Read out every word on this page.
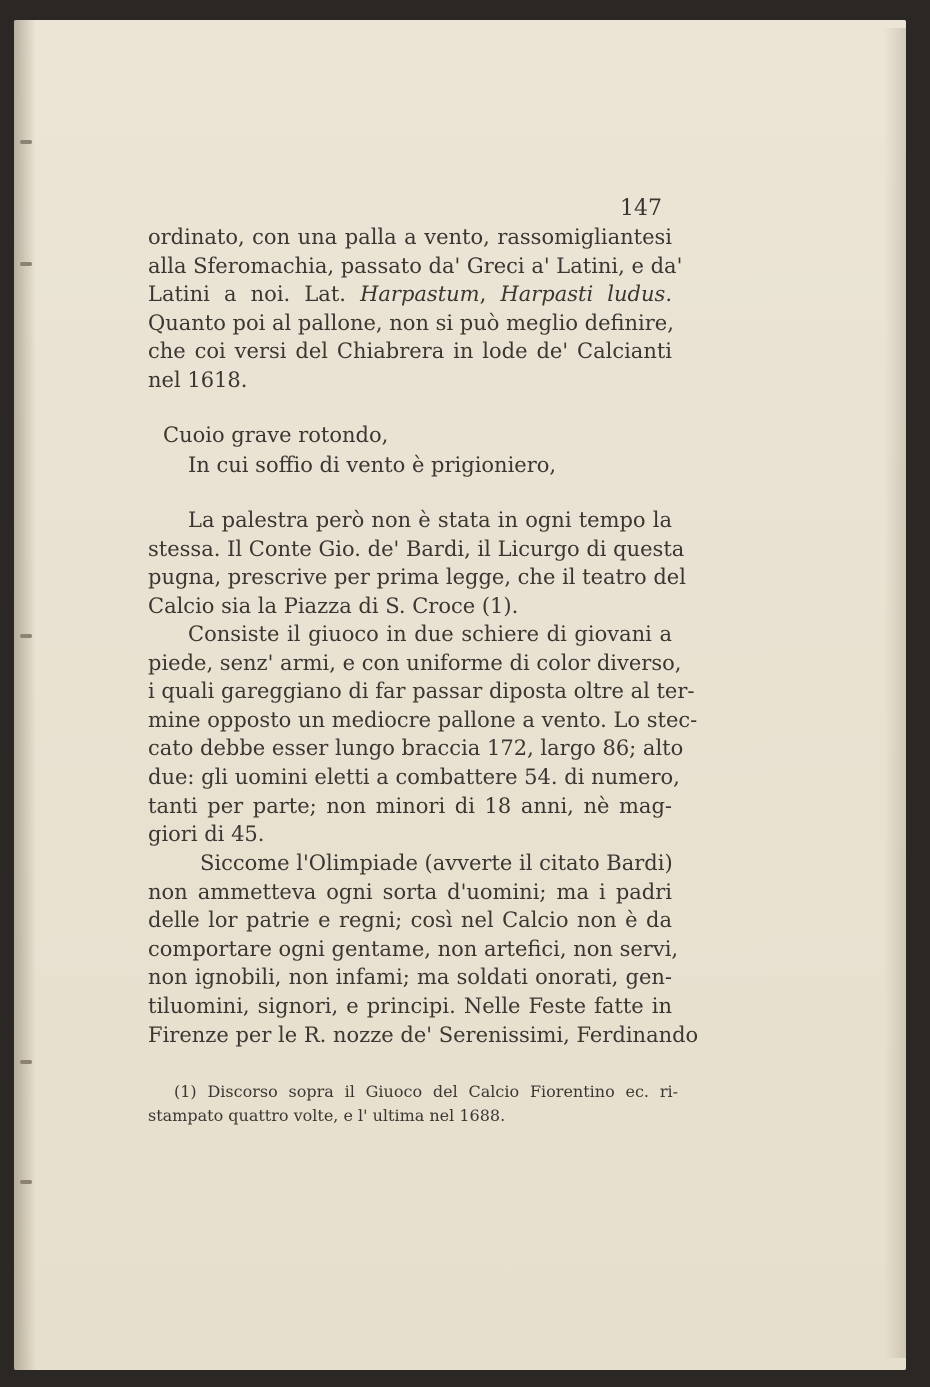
147
ordinato, con una palla a vento, rassomigliantesi
alla Sferomachia, passato da' Greci a' Latini, e da'
Latini a noi. Lat. Harpastum, Harpasti ludus.
Quanto poi al pallone, non si può meglio definire,
che coi versi del Chiabrera in lode de' Calcianti
nel 1618.
Cuoio grave rotondo,
In cui soffio di vento è prigioniero,
La palestra però non è stata in ogni tempo la
stessa. Il Conte Gio. de' Bardi, il Licurgo di questa
pugna, prescrive per prima legge, che il teatro del
Calcio sia la Piazza di S. Croce (1).
Consiste il giuoco in due schiere di giovani a
piede, senz' armi, e con uniforme di color diverso,
i quali gareggiano di far passar diposta oltre al ter-
mine opposto un mediocre pallone a vento. Lo stec-
cato debbe esser lungo braccia 172, largo 86; alto
due: gli uomini eletti a combattere 54. di numero,
tanti per parte; non minori di 18 anni, nè mag-
giori di 45.
Siccome l'Olimpiade (avverte il citato Bardi)
non ammetteva ogni sorta d'uomini; ma i padri
delle lor patrie e regni; così nel Calcio non è da
comportare ogni gentame, non artefici, non servi,
non ignobili, non infami; ma soldati onorati, gen-
tiluomini, signori, e principi. Nelle Feste fatte in
Firenze per le R. nozze de' Serenissimi, Ferdinando
(1) Discorso sopra il Giuoco del Calcio Fiorentino ec. ri-
stampato quattro volte, e l' ultima nel 1688.
